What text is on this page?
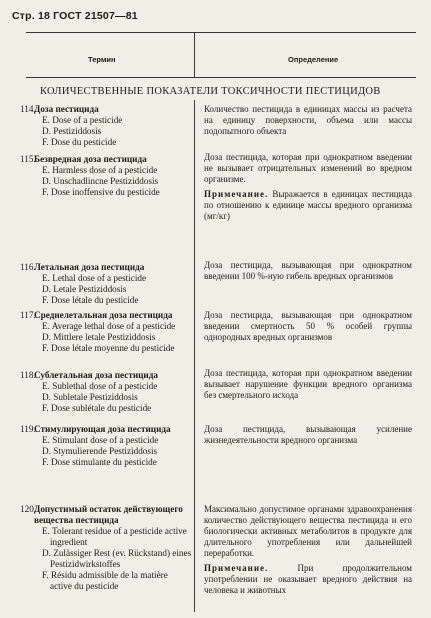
Стр. 18 ГОСТ 21507—81
Термин	Определение
КОЛИЧЕСТВЕННЫЕ ПОКАЗАТЕЛИ ТОКСИЧНОСТИ ПЕСТИЦИДОВ
114.
Доза пестицида
E. Dose of a pesticide
D. Pestiziddosis
F. Dose du pesticide

Количество пестицида в единицах массы из расчета на единицу поверхности, объема или массы подопытного объекта

115.
Безвредная доза пестицида
E. Harmless dose of a pesticide
D. Unschadlincne Pestiziddosis
F. Dose inoffensive du pesticide

Доза пестицида, которая при однократном введении не вызывает отрицательных изменений во вредном организме.

Примечание. Выражается в единицах пестицида по отношению к единице массы вредного организма (мг/кг)

116.
Летальная доза пестицида
E. Lethal dose of a pesticide
D. Letale Pestiziddosis
F. Dose létale du pesticide

Доза пестицида, вызывающая при однократном введении 100 %-ную гибель вредных организмов

117.
Среднелетальная доза пестицида
E. Average lethal dose of a pesticide
D. Mittlere letale Pestiziddosis
F. Dose létale moyenne du pesticide

Доза пестицида, вызывающая при однократном введении смертность 50 % особей группы однородных вредных организмов

118.
Сублетальная доза пестицида
E. Sublethal dose of a pesticide
D. Subletale Pestiziddosis
F. Dose sublétale du pesticide

Доза пестицида, которая при однократном введении вызывает нарушение функции вредного организма без смертельного исхода

119.
Стимулирующая доза пестицида
E. Stimulant dose of a pesticide
D. Stymulierende Pestiziddosis
F. Dose stimulante du pesticide

Доза пестицида, вызывающая усиление жизнедеятельности вредного организма

120.
Допустимый остаток действующего вещества пестицида
E. Tolerant residue of a pesticide active ingredient
D. Zulässiger Rest (ev. Rückstand) eines Pestizidwirkstoffes
F. Résidu admissible de la matière active du pesticide

Максимально допустимое органами здравоохранения количество действующего вещества пестицида и его биологически активных метаболитов в продукте для длительного употребления или дальнейшей переработки.

Примечание.	При продолжительном употреблении не оказывает вредного действия на человека и животных
